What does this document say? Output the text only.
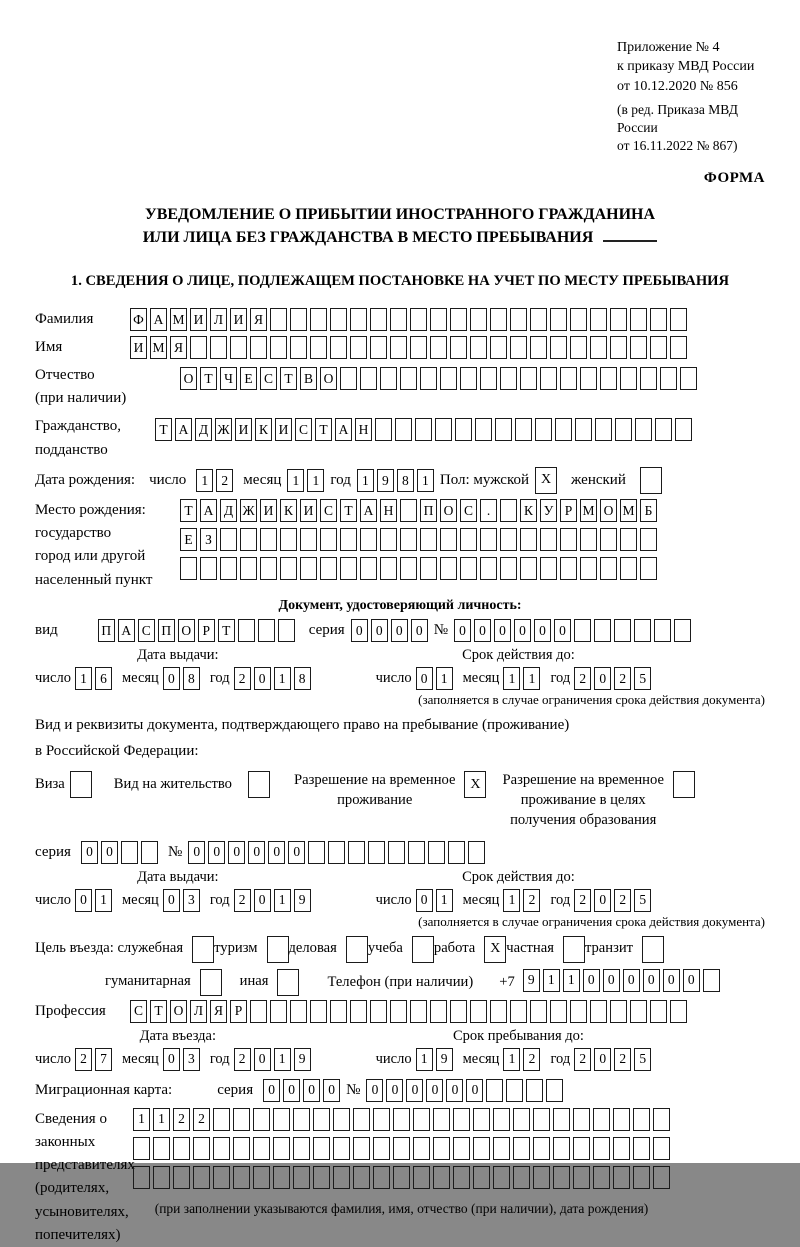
Приложение № 4
к приказу МВД России
от 10.12.2020 № 856
(в ред. Приказа МВД России
от 16.11.2022 № 867)
ФОРМА
УВЕДОМЛЕНИЕ О ПРИБЫТИИ ИНОСТРАННОГО ГРАЖДАНИНА
ИЛИ ЛИЦА БЕЗ ГРАЖДАНСТВА В МЕСТО ПРЕБЫВАНИЯ
1. СВЕДЕНИЯ О ЛИЦЕ, ПОДЛЕЖАЩЕМ ПОСТАНОВКЕ НА УЧЕТ ПО МЕСТУ ПРЕБЫВАНИЯ
Фамилия	Ф А М И Л И Я
Имя	И М Я
Отчество
(при наличии)
О Т Ч Е С Т В О
Гражданство,
подданство
Т А Д Ж И К И С Т А Н
Дата рождения: число	1 2	месяц 1 1 год 1 9 8 1 Пол: мужской X	женский
Место рождения:
государство
город или другой
населенный пункт
Т А Д Ж И К И С Т А Н П О С	.	К У Р М О М Б
Е З
Документ, удостоверяющий личность:
вид	П А С П О Р Т	серия 0 0 0 0 № 0 0 0 0 0 0
Дата выдачи:
число 1 6	месяц 0 8	год 2 0 1 8
Срок действия до:
число 0 1	месяц 1 1	год 2 0 2 5
(заполняется в случае ограничения срока действия документа)
Вид и реквизиты документа, подтверждающего право на пребывание (проживание)
в Российской Федерации:
Виза	Вид на жительство	Разрешение на временное
проживание
X	Разрешение на временное
проживание в целях
получения образования
серия	0 0	№ 0 0 0 0 0 0
Дата выдачи:
число 0 1	месяц 0 3	год 2 0 1 9
Срок действия до:
число 0 1	месяц 1 2	год 2 0 2 5
(заполняется в случае ограничения срока действия документа)
Цель въезда: служебная туризм деловая учеба работа	X частная транзит
гуманитарная	иная	Телефон (при наличии) +7 9 1 1 0 0 0 0 0 0
Профессия	С Т О Л Я Р
Дата въезда:
число 2 7	месяц 0 3	год 2 0 1 9
Срок пребывания до:
число 1 9	месяц 1 2	год 2 0 2 5
Миграционная карта:	серия	0 0 0 0 № 0 0 0 0 0 0
Сведения о
законных
представителях
(родителях,
усыновителях,
попечителях)
1 1 2 2
(при заполнении указываются фамилия, имя, отчество (при наличии), дата рождения)
